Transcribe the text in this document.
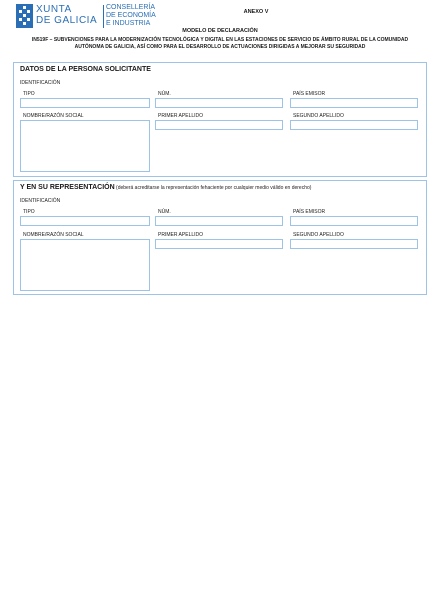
XUNTA
DE GALICIA
CONSELLERÍA
DE ECONOMÍA
E INDUSTRIA
ANEXO V
MODELO DE DECLARACIÓN
IN519F – SUBVENCIONES PARA LA MODERNIZACIÓN TECNOLÓGICA Y DIGITAL EN LAS ESTACIONES DE SERVICIO DE ÁMBITO RURAL DE LA COMUNIDAD
AUTÓNOMA DE GALICIA, ASÍ COMO PARA EL DESARROLLO DE ACTUACIONES DIRIGIDAS A MEJORAR SU SEGURIDAD
DATOS DE LA PERSONA SOLICITANTE
IDENTIFICACIÓN
TIPO	NÚM.	PAÍS EMISOR
NOMBRE/RAZÓN SOCIAL	PRIMER APELLIDO	SEGUNDO APELLIDO
Y EN SU REPRESENTACIÓN (deberá acreditarse la representación fehaciente por cualquier medio válido en derecho)
IDENTIFICACIÓN
TIPO	NÚM.	PAÍS EMISOR
NOMBRE/RAZÓN SOCIAL	PRIMER APELLIDO	SEGUNDO APELLIDO
